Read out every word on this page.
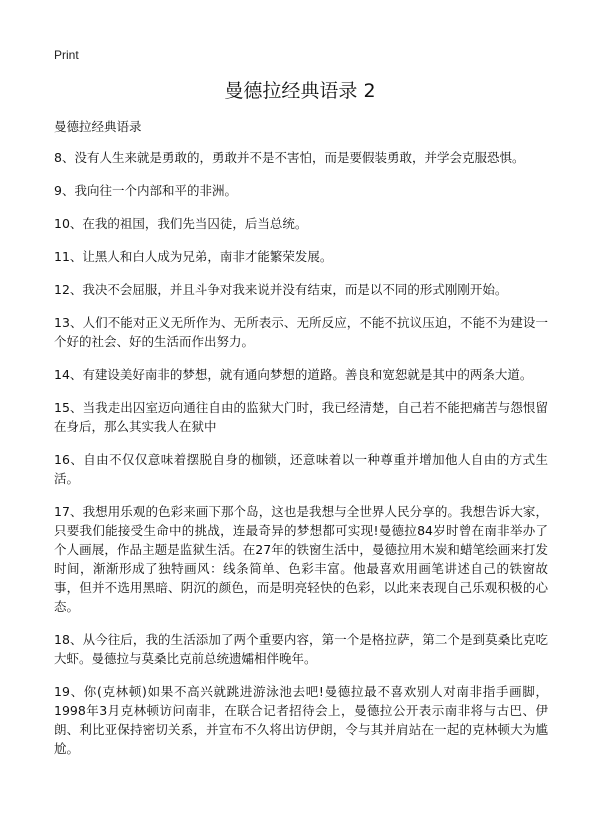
Print
曼德拉经典语录 2

曼德拉经典语录

8、没有人生来就是勇敢的，勇敢并不是不害怕，而是要假装勇敢，并学会克服恐惧。
9、我向往一个内部和平的非洲。
10、在我的祖国，我们先当囚徒，后当总统。
11、让黑人和白人成为兄弟，南非才能繁荣发展。
12、我决不会屈服，并且斗争对我来说并没有结束，而是以不同的形式刚刚开始。
13、人们不能对正义无所作为、无所表示、无所反应，不能不抗议压迫，不能不为建设一个好的社会、好的生活而作出努力。
14、有建设美好南非的梦想，就有通向梦想的道路。善良和宽恕就是其中的两条大道。
15、当我走出囚室迈向通往自由的监狱大门时，我已经清楚，自己若不能把痛苦与怨恨留在身后，那么其实我人在狱中
16、自由不仅仅意味着摆脱自身的枷锁，还意味着以一种尊重并增加他人自由的方式生活。
17、我想用乐观的色彩来画下那个岛，这也是我想与全世界人民分享的。我想告诉大家，只要我们能接受生命中的挑战，连最奇异的梦想都可实现!曼德拉84岁时曾在南非举办了个人画展，作品主题是监狱生活。在27年的铁窗生活中，曼德拉用木炭和蜡笔绘画来打发时间，渐渐形成了独特画风：线条简单、色彩丰富。他最喜欢用画笔讲述自己的铁窗故事，但并不选用黑暗、阴沉的颜色，而是明亮轻快的色彩，以此来表现自己乐观积极的心态。
18、从今往后，我的生活添加了两个重要内容，第一个是格拉萨，第二个是到莫桑比克吃大虾。曼德拉与莫桑比克前总统遗孀相伴晚年。
19、你(克林顿)如果不高兴就跳进游泳池去吧!曼德拉最不喜欢别人对南非指手画脚，1998年3月克林顿访问南非，在联合记者招待会上，曼德拉公开表示南非将与古巴、伊朗、利比亚保持密切关系，并宣布不久将出访伊朗，令与其并肩站在一起的克林顿大为尴尬。
